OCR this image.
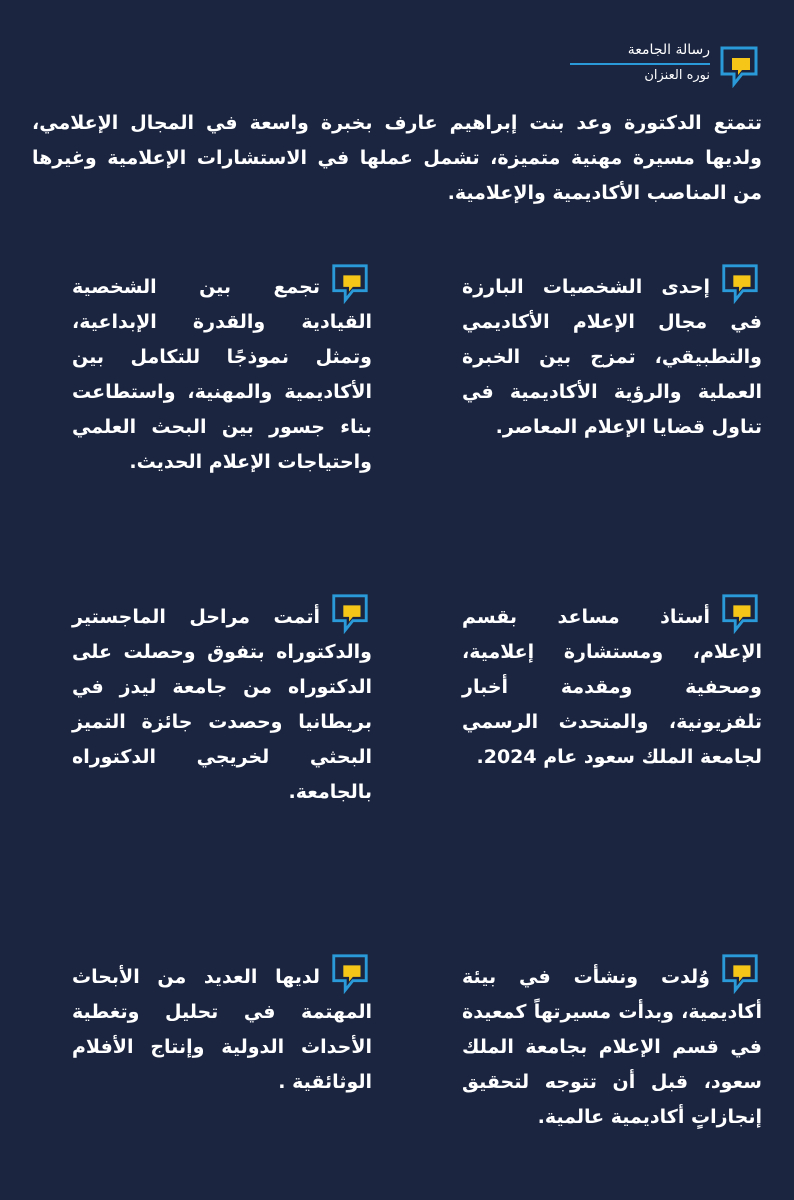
رسالة الجامعة
نوره العنزان
تتمتع الدكتورة وعد بنت إبراهيم عارف بخبرة واسعة في المجال الإعلامي، ولديها مسيرة مهنية متميزة، تشمل عملها في الاستشارات الإعلامية وغيرها من المناصب الأكاديمية والإعلامية.
إحدى الشخصيات البارزة في مجال الإعلام الأكاديمي والتطبيقي، تمزج بين الخبرة العملية والرؤية الأكاديمية في تناول قضايا الإعلام المعاصر.
تجمع بين الشخصية القيادية والقدرة الإبداعية، وتمثل نموذجًا للتكامل بين الأكاديمية والمهنية، واستطاعت بناء جسور بين البحث العلمي واحتياجات الإعلام الحديث.
أستاذ مساعد بقسم الإعلام، ومستشارة إعلامية، وصحفية ومقدمة أخبار تلفزيونية، والمتحدث الرسمي لجامعة الملك سعود عام 2024.
أتمت مراحل الماجستير والدكتوراه بتفوق وحصلت على الدكتوراه من جامعة ليدز في بريطانيا وحصدت جائزة التميز البحثي لخريجي الدكتوراه بالجامعة.
وُلدت ونشأت في بيئة أكاديمية، وبدأت مسيرتهاً كمعيدة في قسم الإعلام بجامعة الملك سعود، قبل أن تتوجه لتحقيق إنجازاتٍ أكاديمية عالمية.
لديها العديد من الأبحاث المهتمة في تحليل وتغطية الأحداث الدولية وإنتاج الأفلام الوثائقية .
